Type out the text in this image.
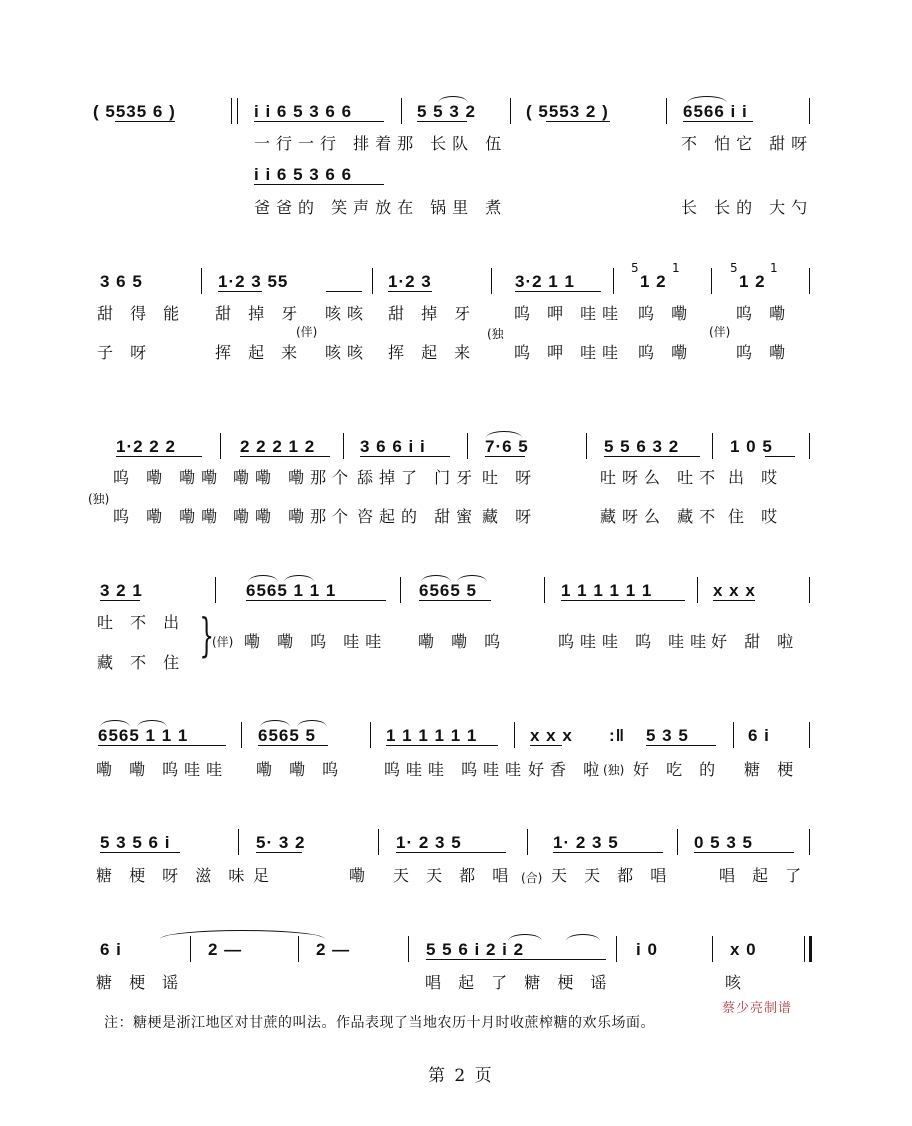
( 5535 6 )	i i 6 5 3 6 6	5 5 3 2	( 5553 2 )	6566 i i
一行一行 排着那 长队 伍	不 怕它 甜呀
i i 6 5 3 6 6
爸爸的 笑声放在 锅里 煮	长 长的 大勺
3 6 5	1·2 3 55	1·2 3	3·2 1 1
5	1
1 2
5	1
1 2
甜 得 能 甜 掉 牙 咳咳 甜 掉 牙 呜 呷 哇哇 呜 嘞	呜 嘞
(伴)	(独	(伴)
子 呀	挥 起 来 咳咳 挥 起 来 呜 呷 哇哇 呜 嘞	呜 嘞
1·2 2 2	2 2 2 1 2	3 6 6 i i	7·6 5	5 5 6 3 2	1 0 5
呜 嘞 嘞嘞 嘞嘞 嘞那个 舔掉了 门牙 吐 呀	吐呀么 吐不 出 哎
(独)
呜 嘞 嘞嘞 嘞嘞 嘞那个 咨起的 甜蜜 藏 呀	藏呀么 藏不 住 哎
3 2 1	6565 1 1 1	6565 5	1 1 1 1 1 1	x x x
吐 不 出
藏 不 住
}
(伴) 嘞 嘞 呜 哇哇 嘞 嘞 呜	呜哇哇 呜 哇哇
好 甜 啦
6565 1 1 1	6565 5	1 1 1 1 1 1	x x x :‖ 5 3 5	6 i
嘞 嘞 呜哇哇 嘞 嘞 呜 呜哇哇 呜哇哇 好香 啦
(独) 好 吃 的 糖 梗
5 3 5 6 i	5· 3 2	1· 2 3 5	1· 2 3 5	0 5 3 5
糖 梗 呀 滋 味 足	嘞 天 天 都 唱 (合) 天 天 都 唱	唱 起 了
6 i	2 —	2 —	5 5 6 i 2 i 2	i 0	x 0
糖 梗 谣	唱 起 了 糖 梗 谣	咳
注：糖梗是浙江地区对甘蔗的叫法。作品表现了当地农历十月时收蔗榨糖的欢乐场面。
蔡少亮制谱
第 2 页
